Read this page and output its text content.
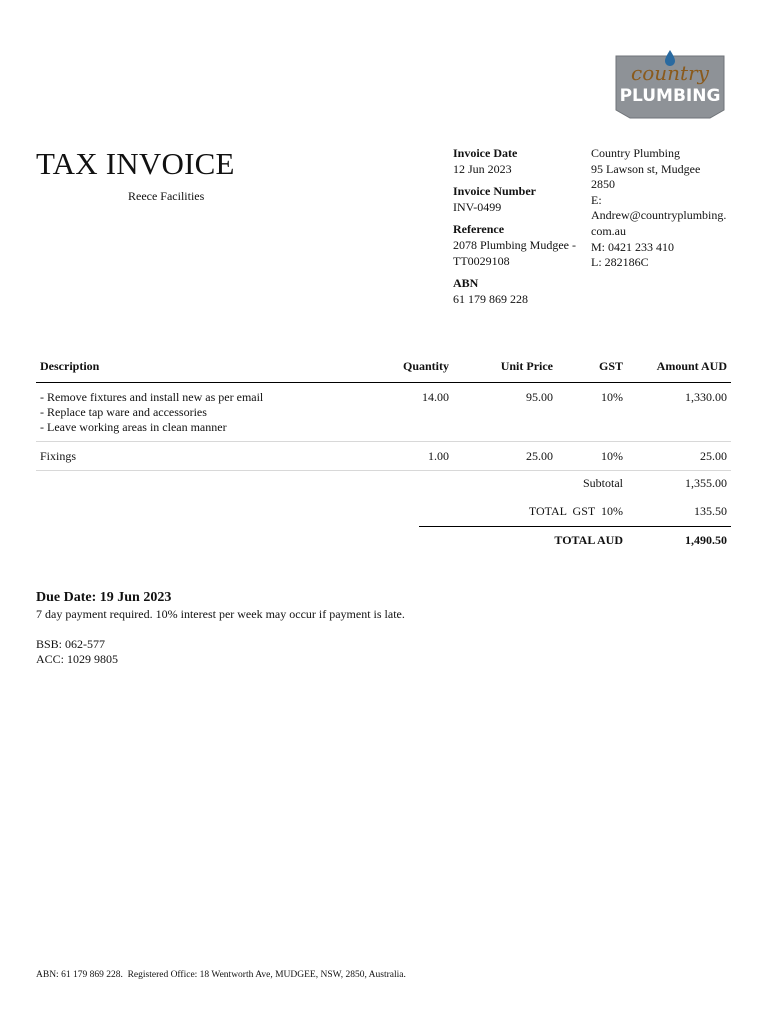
country
PLUMBING
TAX INVOICE
Reece Facilities
Invoice Date
12 Jun 2023
Invoice Number
INV-0499
Reference
2078 Plumbing Mudgee -
TT0029108
ABN
61 179 869 228
Country Plumbing
95 Lawson st, Mudgee
2850
E:
Andrew@countryplumbing.com.au
M: 0421 233 410
L: 282186C
Description	Quantity	Unit Price	GST	Amount AUD
- Remove fixtures and install new as per email
- Replace tap ware and accessories
- Leave working areas in clean manner
14.00	95.00	10%	1,330.00
Fixings	1.00	25.00	10%	25.00
Subtotal	1,355.00
TOTAL  GST  10%	135.50
TOTAL AUD	1,490.50
Due Date: 19 Jun 2023
7 day payment required. 10% interest per week may occur if payment is late.
BSB: 062-577
ACC: 1029 9805
ABN: 61 179 869 228.  Registered Office: 18 Wentworth Ave, MUDGEE, NSW, 2850, Australia.
